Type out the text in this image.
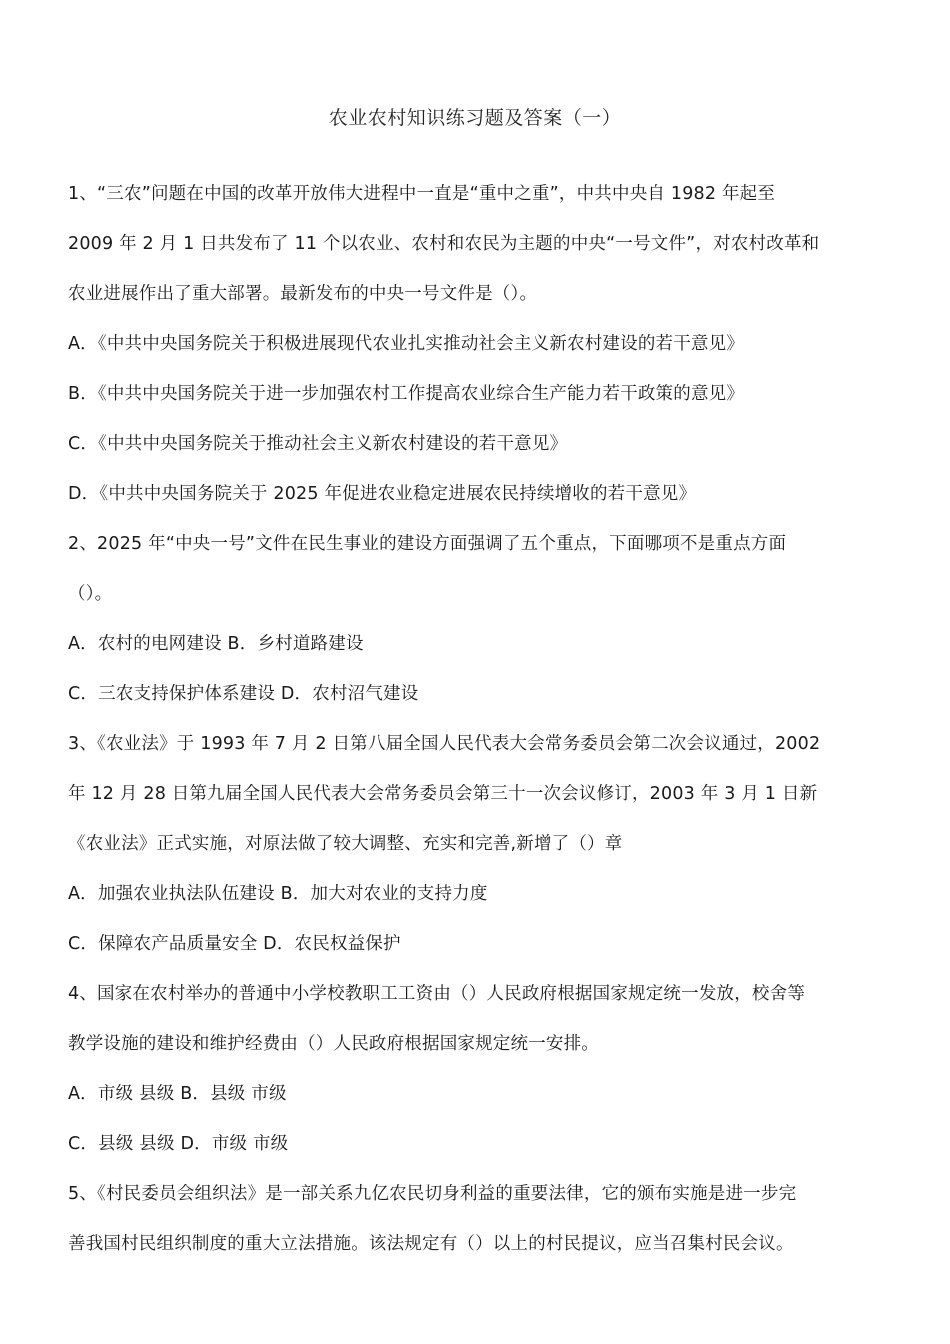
农业农村知识练习题及答案（一）
1、“三农”问题在中国的改革开放伟大进程中一直是“重中之重”，中共中央自 1982 年起至
2009 年 2 月 1 日共发布了 11 个以农业、农村和农民为主题的中央“一号文件”，对农村改革和
农业进展作出了重大部署。最新发布的中央一号文件是（）。
A．《中共中央国务院关于积极进展现代农业扎实推动社会主义新农村建设的若干意见》
B．《中共中央国务院关于进一步加强农村工作提高农业综合生产能力若干政策的意见》
C．《中共中央国务院关于推动社会主义新农村建设的若干意见》
D．《中共中央国务院关于 2025 年促进农业稳定进展农民持续增收的若干意见》
2、2025 年“中央一号”文件在民生事业的建设方面强调了五个重点，下面哪项不是重点方面
（）。
A．农村的电网建设 B．乡村道路建设
C．三农支持保护体系建设 D．农村沼气建设
3、《农业法》于 1993 年 7 月 2 日第八届全国人民代表大会常务委员会第二次会议通过，2002
年 12 月 28 日第九届全国人民代表大会常务委员会第三十一次会议修订，2003 年 3 月 1 日新
《农业法》正式实施，对原法做了较大调整、充实和完善,新增了（）章
A．加强农业执法队伍建设 B．加大对农业的支持力度
C．保障农产品质量安全 D．农民权益保护
4、国家在农村举办的普通中小学校教职工工资由（）人民政府根据国家规定统一发放，校舍等
教学设施的建设和维护经费由（）人民政府根据国家规定统一安排。
A．市级 县级 B．县级 市级
C．县级 县级 D．市级 市级
5、《村民委员会组织法》是一部关系九亿农民切身利益的重要法律，它的颁布实施是进一步完
善我国村民组织制度的重大立法措施。该法规定有（）以上的村民提议，应当召集村民会议。
